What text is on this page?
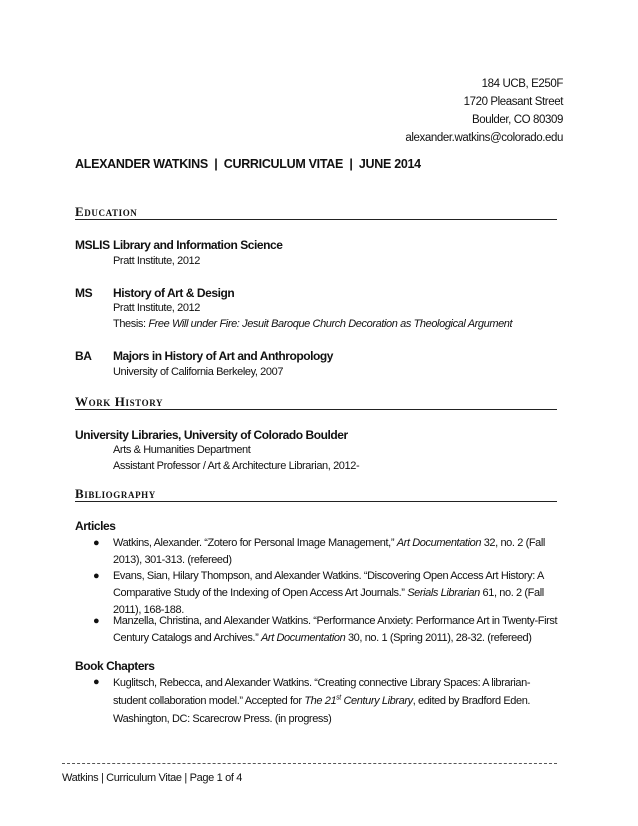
184 UCB, E250F
1720 Pleasant Street
Boulder, CO 80309
alexander.watkins@colorado.edu
ALEXANDER WATKINS  |  CURRICULUM VITAE  |  JUNE 2014
Education
MSLIS Library and Information Science
Pratt Institute, 2012
MS History of Art & Design
Pratt Institute, 2012
Thesis: Free Will under Fire: Jesuit Baroque Church Decoration as Theological Argument
BA Majors in History of Art and Anthropology
University of California Berkeley, 2007
Work History
University Libraries, University of Colorado Boulder
Arts & Humanities Department
Assistant Professor / Art & Architecture Librarian, 2012-
Bibliography
Articles
● Watkins, Alexander. “Zotero for Personal Image Management,” Art Documentation 32, no. 2 (Fall 2013), 301-313. (refereed)
● Evans, Sian, Hilary Thompson, and Alexander Watkins. “Discovering Open Access Art History: A Comparative Study of the Indexing of Open Access Art Journals.” Serials Librarian 61, no. 2 (Fall 2011), 168-188.
● Manzella, Christina, and Alexander Watkins. “Performance Anxiety: Performance Art in Twenty-First Century Catalogs and Archives.” Art Documentation 30, no. 1 (Spring 2011), 28-32. (refereed)
Book Chapters
● Kuglitsch, Rebecca, and Alexander Watkins. “Creating connective Library Spaces: A librarian-student collaboration model.” Accepted for The 21st Century Library, edited by Bradford Eden. Washington, DC: Scarecrow Press. (in progress)
Watkins | Curriculum Vitae | Page 1 of 4
